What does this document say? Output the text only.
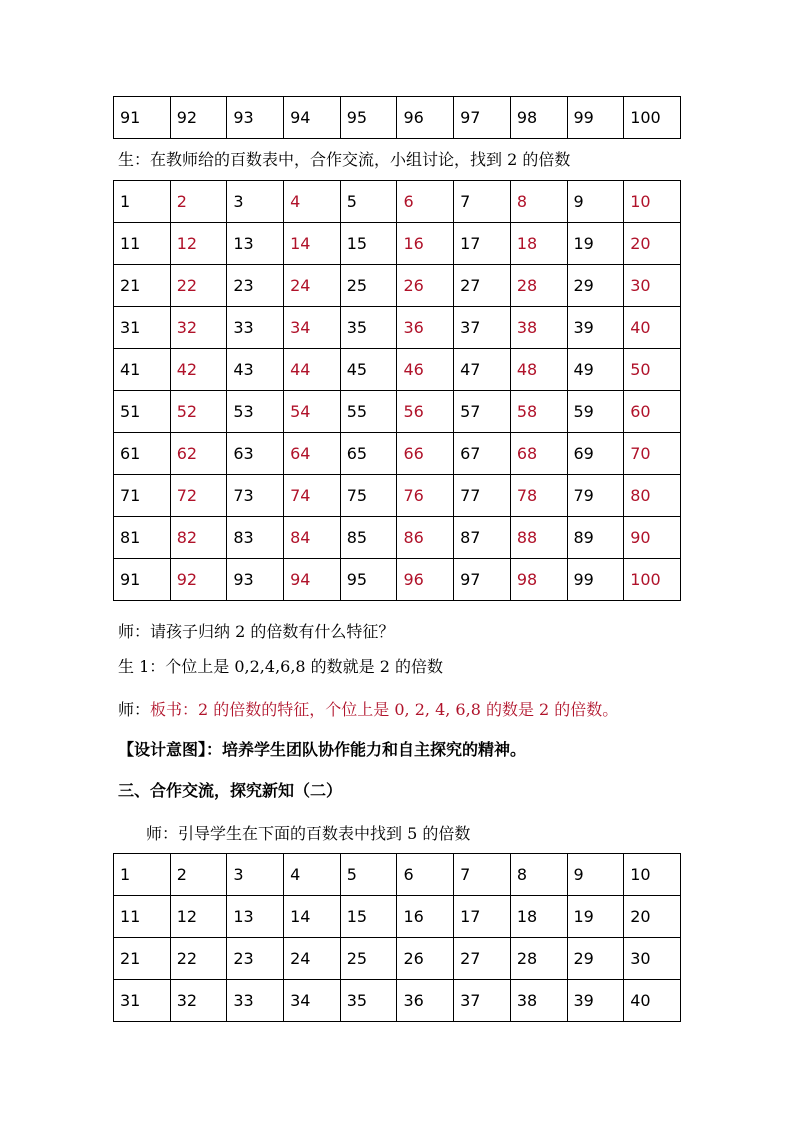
91	92	93	94	95	96	97	98	99	100
生：在教师给的百数表中，合作交流，小组讨论，找到 2 的倍数
1	2	3	4	5	6	7	8	9	10
11	12	13	14	15	16	17	18	19	20
21	22	23	24	25	26	27	28	29	30
31	32	33	34	35	36	37	38	39	40
41	42	43	44	45	46	47	48	49	50
51	52	53	54	55	56	57	58	59	60
61	62	63	64	65	66	67	68	69	70
71	72	73	74	75	76	77	78	79	80
81	82	83	84	85	86	87	88	89	90
91	92	93	94	95	96	97	98	99	100
师：请孩子归纳 2 的倍数有什么特征？
生 1：个位上是 0,2,4,6,8 的数就是 2 的倍数
师：板书：2 的倍数的特征，个位上是 0, 2, 4, 6,8 的数是 2 的倍数。
【设计意图】：培养学生团队协作能力和自主探究的精神。
三、合作交流，探究新知（二）
师：引导学生在下面的百数表中找到 5 的倍数
1	2	3	4	5	6	7	8	9	10
11	12	13	14	15	16	17	18	19	20
21	22	23	24	25	26	27	28	29	30
31	32	33	34	35	36	37	38	39	40
